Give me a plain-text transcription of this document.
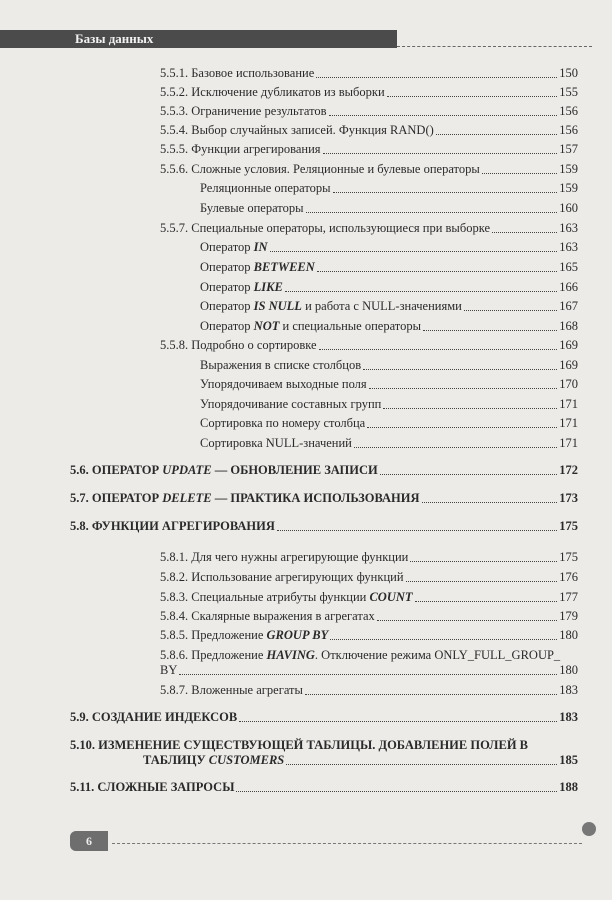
Базы данных
5.5.1. Базовое использование	150
5.5.2. Исключение дубликатов из выборки	155
5.5.3. Ограничение результатов	156
5.5.4. Выбор случайных записей. Функция RAND()	156
5.5.5. Функции агрегирования	157
5.5.6. Сложные условия. Реляционные и булевые операторы	159
Реляционные операторы	159
Булевые операторы	160
5.5.7. Специальные операторы, использующиеся при выборке	163
Оператор IN	163
Оператор BETWEEN	165
Оператор LIKE	166
Оператор IS NULL и работа с NULL-значениями	167
Оператор NOT и специальные операторы	168
5.5.8. Подробно о сортировке	169
Выражения в списке столбцов	169
Упорядочиваем выходные поля	170
Упорядочивание составных групп	171
Сортировка по номеру столбца	171
Сортировка NULL-значений	171
5.6. ОПЕРАТОР UPDATE — ОБНОВЛЕНИЕ ЗАПИСИ	172
5.7. ОПЕРАТОР DELETE — ПРАКТИКА ИСПОЛЬЗОВАНИЯ	173
5.8. ФУНКЦИИ АГРЕГИРОВАНИЯ	175
5.8.1. Для чего нужны агрегирующие функции	175
5.8.2. Использование агрегирующих функций	176
5.8.3. Специальные атрибуты функции COUNT	177
5.8.4. Скалярные выражения в агрегатах	179
5.8.5. Предложение GROUP BY	180
5.8.6. Предложение HAVING. Отключение режима ONLY_FULL_GROUP_
BY	180
5.8.7. Вложенные агрегаты	183
5.9. СОЗДАНИЕ ИНДЕКСОВ	183
5.10. ИЗМЕНЕНИЕ СУЩЕСТВУЮЩЕЙ ТАБЛИЦЫ. ДОБАВЛЕНИЕ ПОЛЕЙ В
ТАБЛИЦУ CUSTOMERS	185
5.11. СЛОЖНЫЕ ЗАПРОСЫ	188
6
